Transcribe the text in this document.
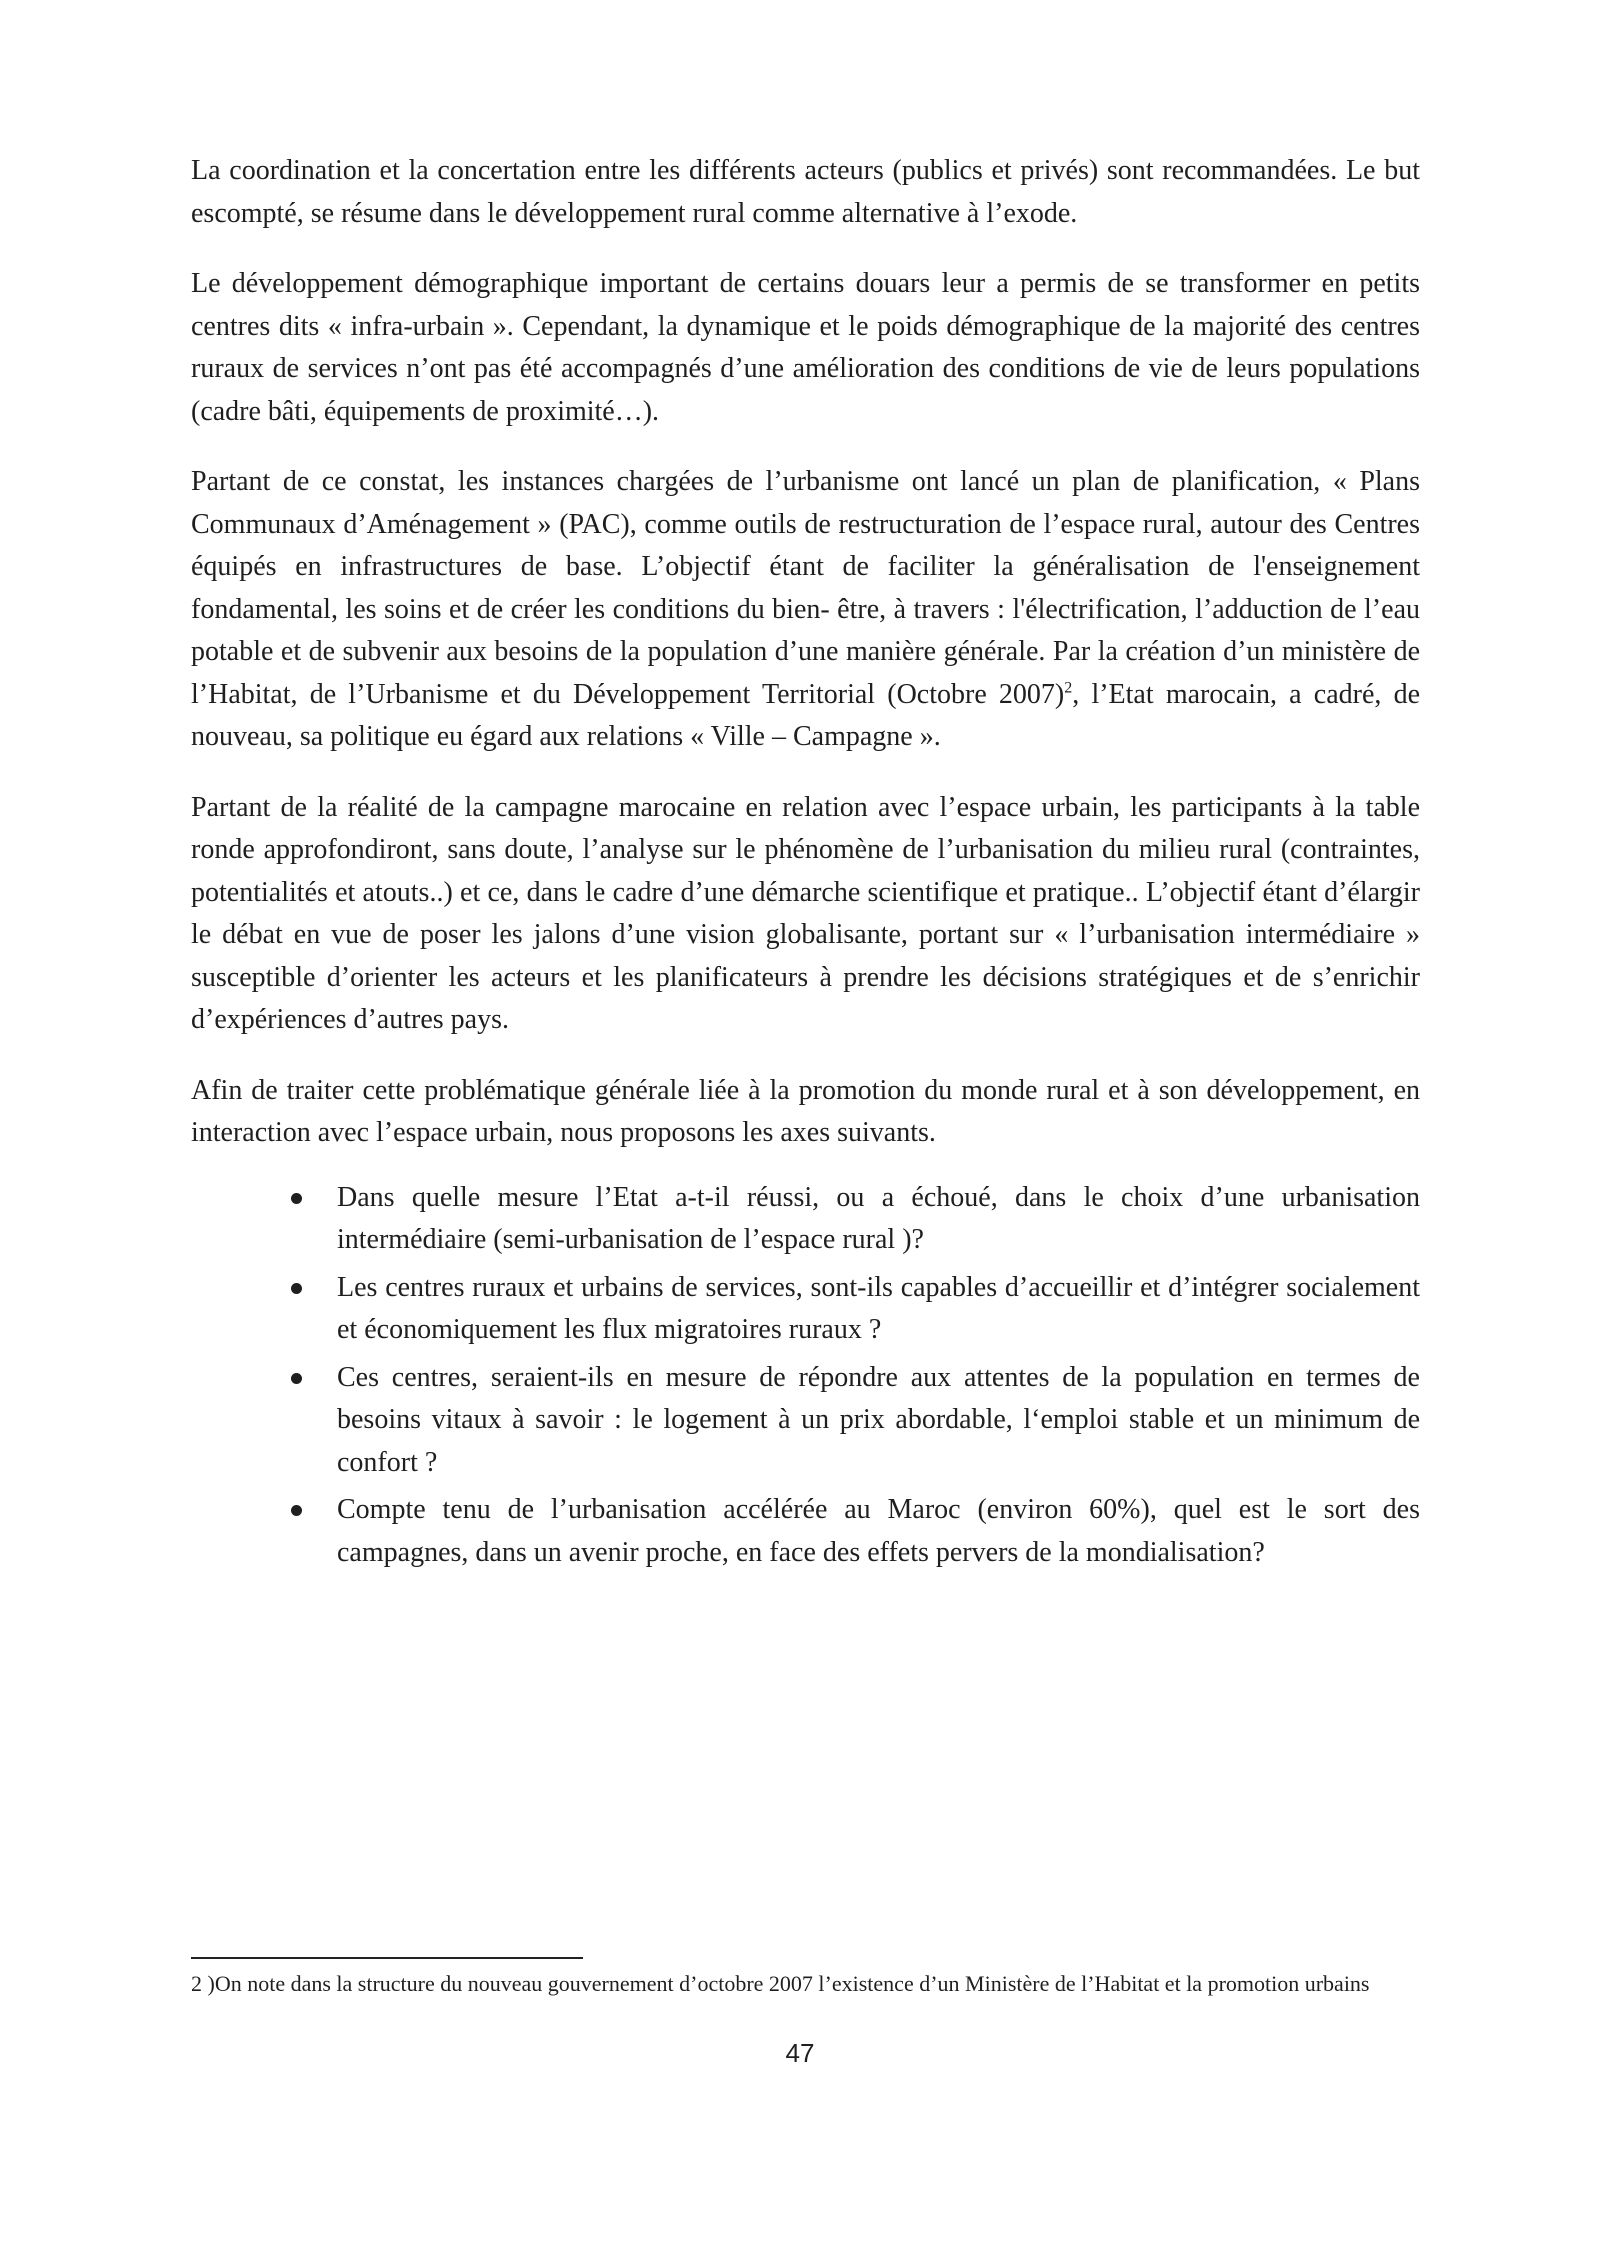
La coordination et la concertation entre les différents acteurs (publics et privés) sont recommandées. Le but escompté, se résume dans le développement rural comme alternative à l’exode.

Le développement démographique important de certains douars leur a permis de se transformer en petits centres dits « infra-urbain ». Cependant, la dynamique et le poids démographique de la majorité des centres ruraux de services n’ont pas été accompagnés d’une amélioration des conditions de vie de leurs populations (cadre bâti, équipements de proximité…).

Partant de ce constat, les instances chargées de l’urbanisme ont lancé un plan de planification, « Plans Communaux d’Aménagement » (PAC), comme outils de restructuration de l’espace rural, autour des Centres équipés en infrastructures de base. L’objectif étant de faciliter la généralisation de l'enseignement fondamental, les soins et de créer les conditions du bien- être, à travers : l'électrification, l’adduction de l’eau potable et de subvenir aux besoins de la population d’une manière générale. Par la création d’un ministère de l’Habitat, de l’Urbanisme et du Développement Territorial (Octobre 2007)$^2$, l’Etat marocain, a cadré, de nouveau, sa politique eu égard aux relations « Ville – Campagne ».

Partant de la réalité de la campagne marocaine en relation avec l’espace urbain, les participants à la table ronde approfondiront, sans doute, l’analyse sur le phénomène de l’urbanisation du milieu rural (contraintes, potentialités et atouts..) et ce, dans le cadre d’une démarche scientifique et pratique.. L’objectif étant d’élargir le débat en vue de poser les jalons d’une vision globalisante, portant sur « l’urbanisation intermédiaire » susceptible d’orienter les acteurs et les planificateurs à prendre les décisions stratégiques et de s’enrichir d’expériences d’autres pays.

Afin de traiter cette problématique générale liée à la promotion du monde rural et à son développement, en interaction avec l’espace urbain, nous proposons les axes suivants.

Dans quelle mesure l’Etat a-t-il réussi, ou a échoué, dans le choix d’une urbanisation intermédiaire (semi-urbanisation de l’espace rural )?
Les centres ruraux et urbains de services, sont-ils capables d’accueillir et d’intégrer socialement et économiquement les flux migratoires ruraux ?
Ces centres, seraient-ils en mesure de répondre aux attentes de la population en termes de besoins vitaux à savoir : le logement à un prix abordable, l‘emploi stable et un minimum de confort ?
Compte tenu de l’urbanisation accélérée au Maroc (environ 60%), quel est le sort des campagnes, dans un avenir proche, en face des effets pervers de la mondialisation?
2 )On note dans la structure du nouveau gouvernement d’octobre 2007 l’existence d’un Ministère de l’Habitat et la promotion urbains
47
